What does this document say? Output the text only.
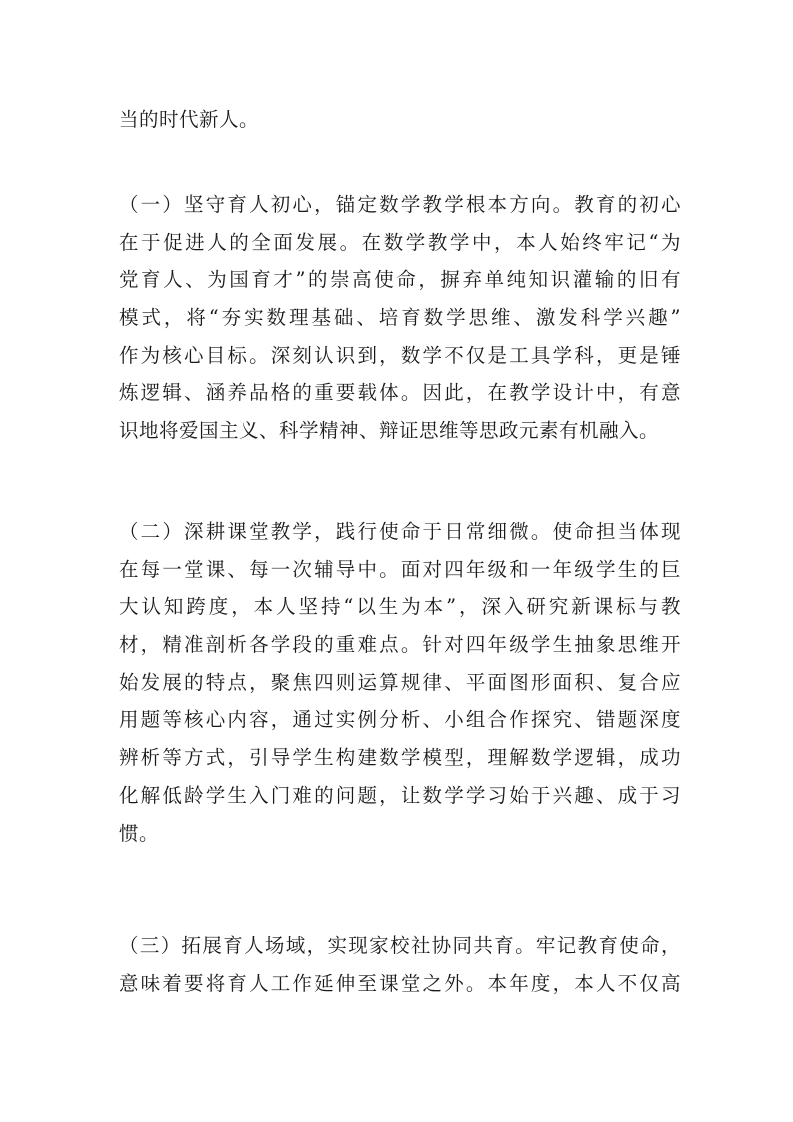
当的时代新人。
（一）坚守育人初心，锚定数学教学根本方向。教育的初心
在于促进人的全面发展。在数学教学中，本人始终牢记“为
党育人、为国育才”的崇高使命，摒弃单纯知识灌输的旧有
模式，将“夯实数理基础、培育数学思维、激发科学兴趣”
作为核心目标。深刻认识到，数学不仅是工具学科，更是锤
炼逻辑、涵养品格的重要载体。因此，在教学设计中，有意
识地将爱国主义、科学精神、辩证思维等思政元素有机融入。
（二）深耕课堂教学，践行使命于日常细微。使命担当体现
在每一堂课、每一次辅导中。面对四年级和一年级学生的巨
大认知跨度，本人坚持“以生为本”，深入研究新课标与教
材，精准剖析各学段的重难点。针对四年级学生抽象思维开
始发展的特点，聚焦四则运算规律、平面图形面积、复合应
用题等核心内容，通过实例分析、小组合作探究、错题深度
辨析等方式，引导学生构建数学模型，理解数学逻辑，成功
化解低龄学生入门难的问题，让数学学习始于兴趣、成于习
惯。
（三）拓展育人场域，实现家校社协同共育。牢记教育使命，
意味着要将育人工作延伸至课堂之外。本年度，本人不仅高
